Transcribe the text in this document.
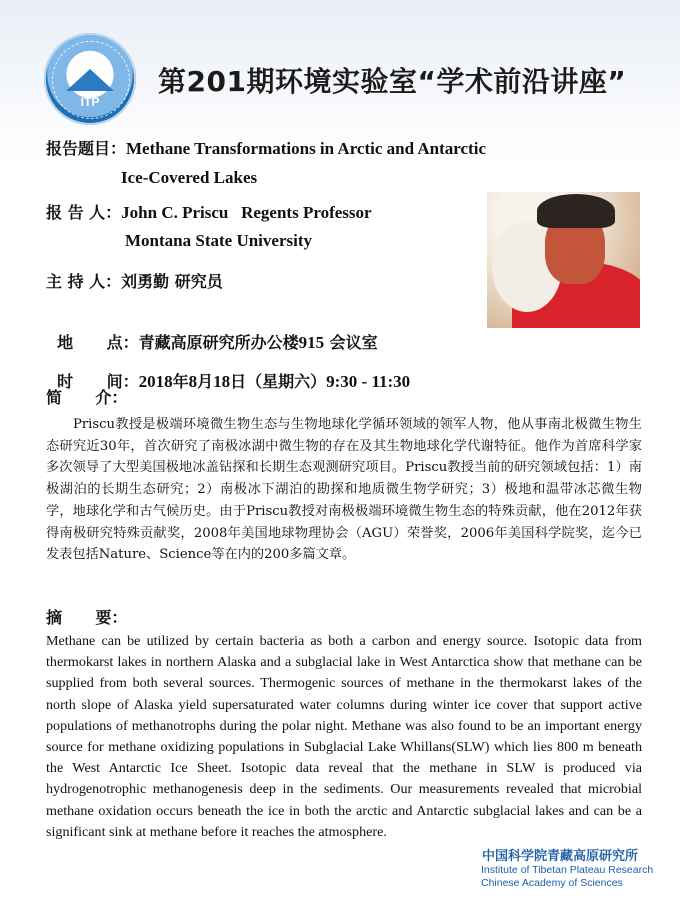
ITP
第201期环境实验室“学术前沿讲座”
报告题目：Methane Transformations in Arctic and Antarctic
Ice-Covered Lakes
报 告 人：John C. Priscu   Regents Professor
Montana State University
主 持 人：刘勇勤 研究员

地      点：青藏高原研究所办公楼915 会议室

时      间：2018年8月18日（星期六）9:30 - 11:30

简      介：

Priscu教授是极端环境微生物生态与生物地球化学循环领域的领军人物，他从事南北极微生物生态研究近30年，首次研究了南极冰湖中微生物的存在及其生物地球化学代谢特征。他作为首席科学家多次领导了大型美国极地冰盖钻探和长期生态观测研究项目。Priscu教授当前的研究领域包括：1）南极湖泊的长期生态研究；2）南极冰下湖泊的勘探和地质微生物学研究；3）极地和温带冰芯微生物学，地球化学和古气候历史。由于Priscu教授对南极极端环境微生物生态的特殊贡献，他在2012年获得南极研究特殊贡献奖，2008年美国地球物理协会（AGU）荣誉奖，2006年美国科学院奖，迄今已发表包括Nature、Science等在内的200多篇文章。

摘      要：

Methane can be utilized by certain bacteria as both a carbon and energy source. Isotopic data from thermokarst lakes in northern Alaska and a subglacial lake in West Antarctica show that methane can be supplied from both several sources. Thermogenic sources of methane in the thermokarst lakes of the north slope of Alaska yield supersaturated water columns during winter ice cover that support active populations of methanotrophs during the polar night. Methane was also found to be an important energy source for methane oxidizing populations in Subglacial Lake Whillans(SLW) which lies 800 m beneath the West Antarctic Ice Sheet. Isotopic data reveal that the methane in SLW is produced via hydrogenotrophic methanogenesis deep in the sediments. Our measurements revealed that microbial methane oxidation occurs beneath the ice in both the arctic and Antarctic subglacial lakes and can be a significant sink at methane before it reaches the atmosphere.

中国科学院青藏高原研究所
Institute of Tibetan Plateau Research
Chinese Academy of Sciences
